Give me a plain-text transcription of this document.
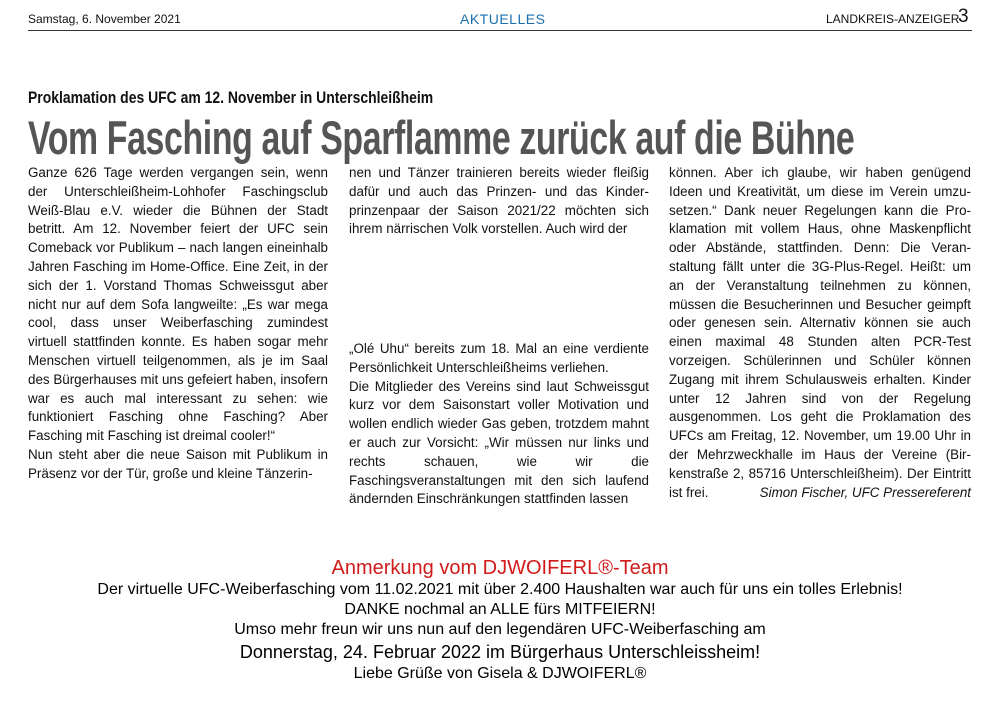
Samstag, 6. November 2021	AKTUELLES	LANDKREIS-ANZEIGER
3
Proklamation des UFC am 12. November in Unterschleißheim
Vom Fasching auf Sparflamme zurück auf die Bühne

Ganze 626 Tage werden vergangen sein, wenn der Unterschleißheim-Lohhofer Faschingsclub Weiß-Blau e.V. wieder die Bühnen der Stadt betritt. Am 12. November feiert der UFC sein Comeback vor Publikum – nach langen eineinhalb Jahren Fasching im Home-Office. Eine Zeit, in der sich der 1. Vorstand Thomas Schweissgut aber nicht nur auf dem Sofa langweilte: „Es war mega cool, dass unser Weiberfasching zumindest virtuell stattfinden konnte. Es haben sogar mehr Menschen virtuell teilgenommen, als je im Saal des Bürgerhauses mit uns gefeiert haben, insofern war es auch mal interessant zu sehen: wie funktioniert Fasching ohne Fasching? Aber Fasching mit Fasching ist dreimal cooler!“

Nun steht aber die neue Saison mit Publikum in Präsenz vor der Tür, große und kleine Tänzerin-

nen und Tänzer trainieren bereits wieder fleißig dafür und auch das Prinzen- und das Kinderprinzenpaar der Saison 2021/22 möchten sich ihrem närrischen Volk vorstellen. Auch wird der

„Olé Uhu“ bereits zum 18. Mal an eine verdiente Persönlichkeit Unterschleißheims verliehen.

Die Mitglieder des Vereins sind laut Schweissgut kurz vor dem Saisonstart voller Motivation und wollen endlich wieder Gas geben, trotzdem mahnt er auch zur Vorsicht: „Wir müssen nur links und rechts schauen, wie wir die Faschingsveranstaltungen mit den sich laufend ändernden Einschränkungen stattfinden lassen

können. Aber ich glaube, wir haben genügend Ideen und Kreativität, um diese im Verein umzusetzen.“ Dank neuer Regelungen kann die Proklamation mit vollem Haus, ohne Maskenpflicht oder Abstände, stattfinden. Denn: Die Veranstaltung fällt unter die 3G-Plus-Regel. Heißt: um an der Veranstaltung teilnehmen zu können, müssen die Besucherinnen und Besucher geimpft oder genesen sein. Alternativ können sie auch einen maximal 48 Stunden alten PCR-Test vorzeigen. Schülerinnen und Schüler können Zugang mit ihrem Schulausweis erhalten. Kinder unter 12 Jahren sind von der Regelung ausgenommen. Los geht die Proklamation des UFCs am Freitag, 12. November, um 19.00 Uhr in der Mehrzweckhalle im Haus der Vereine (Birkenstraße 2, 85716 Unterschleißheim). Der Eintritt ist frei.	Simon Fischer, UFC Pressereferent

Anmerkung vom DJWOIFERL®-Team
Der virtuelle UFC-Weiberfasching vom 11.02.2021 mit über 2.400 Haushalten war auch für uns ein tolles Erlebnis!
DANKE nochmal an ALLE fürs MITFEIERN!
Umso mehr freun wir uns nun auf den legendären UFC-Weiberfasching am
Donnerstag, 24. Februar 2022 im Bürgerhaus Unterschleissheim!
Liebe Grüße von Gisela & DJWOIFERL®
